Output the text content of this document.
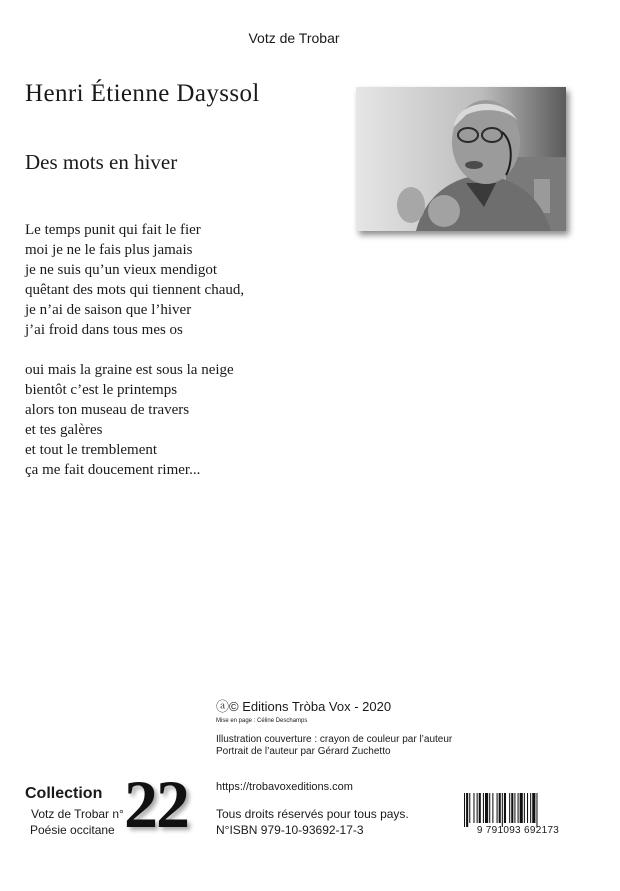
Votz de Trobar
Henri Étienne Dayssol
Des mots en hiver
Le temps punit qui fait le fier
moi je ne le fais plus jamais
je ne suis qu’un vieux mendigot
quêtant des mots qui tiennent chaud,
je n’ai de saison que l’hiver
j’ai froid dans tous mes os
oui mais la graine est sous la neige
bientôt c’est le printemps
alors ton museau de travers
et tes galères
et tout le tremblement
ça me fait doucement rimer...
ⓐ© Editions Tròba Vox - 2020
Mise en page : Céline Deschamps
Illustration couverture : crayon de couleur par l’auteur
Portrait de l’auteur par Gérard Zuchetto
https://trobavoxeditions.com
Tous droits réservés pour tous pays.
N°ISBN 979-10-93692-17-3
Collection
Votz de Trobar n°
Poésie occitane 22	9 791093 692173
